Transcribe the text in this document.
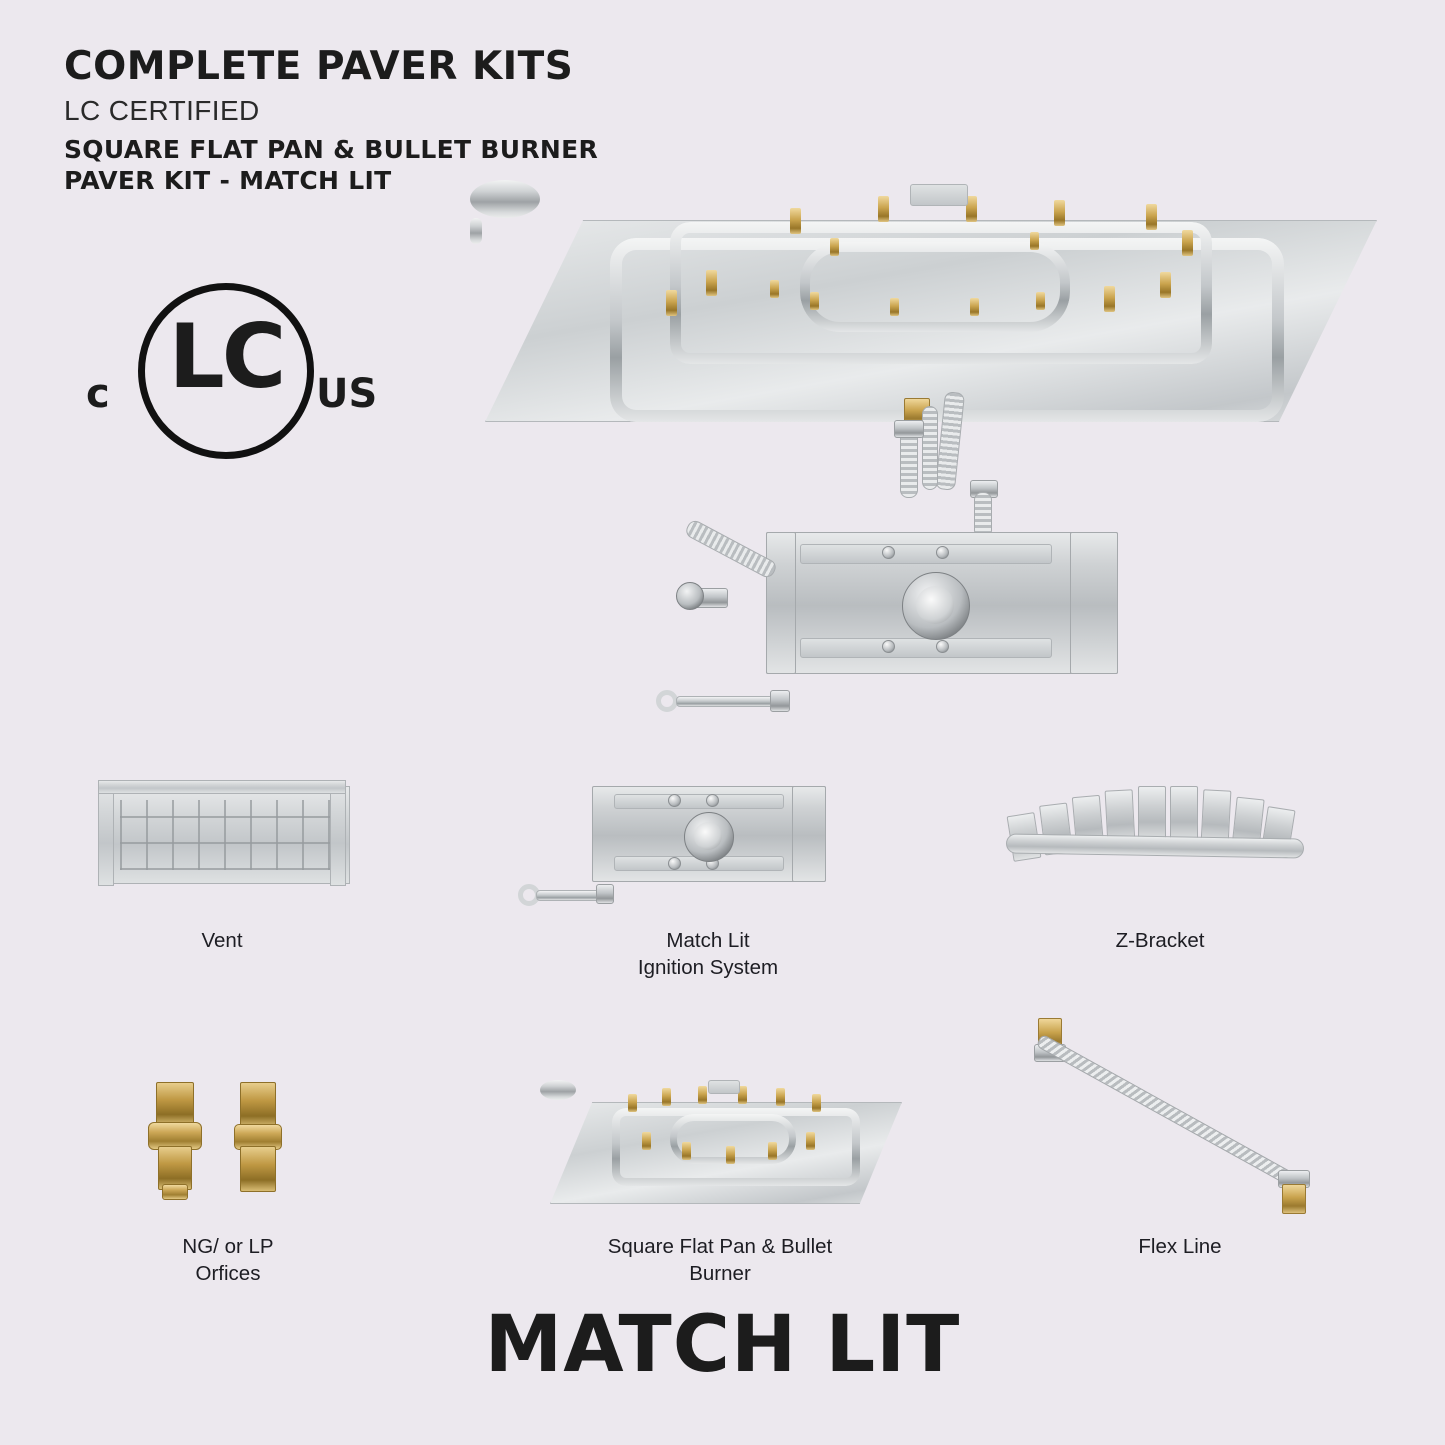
COMPLETE PAVER KITS
LC CERTIFIED
SQUARE FLAT PAN & BULLET BURNER
PAVER KIT - MATCH LIT
LC
c	US
Vent	Match Lit
Ignition System
Z-Bracket
NG/ or LP
Orfices
Square Flat Pan & Bullet
Burner
Flex Line
MATCH LIT
